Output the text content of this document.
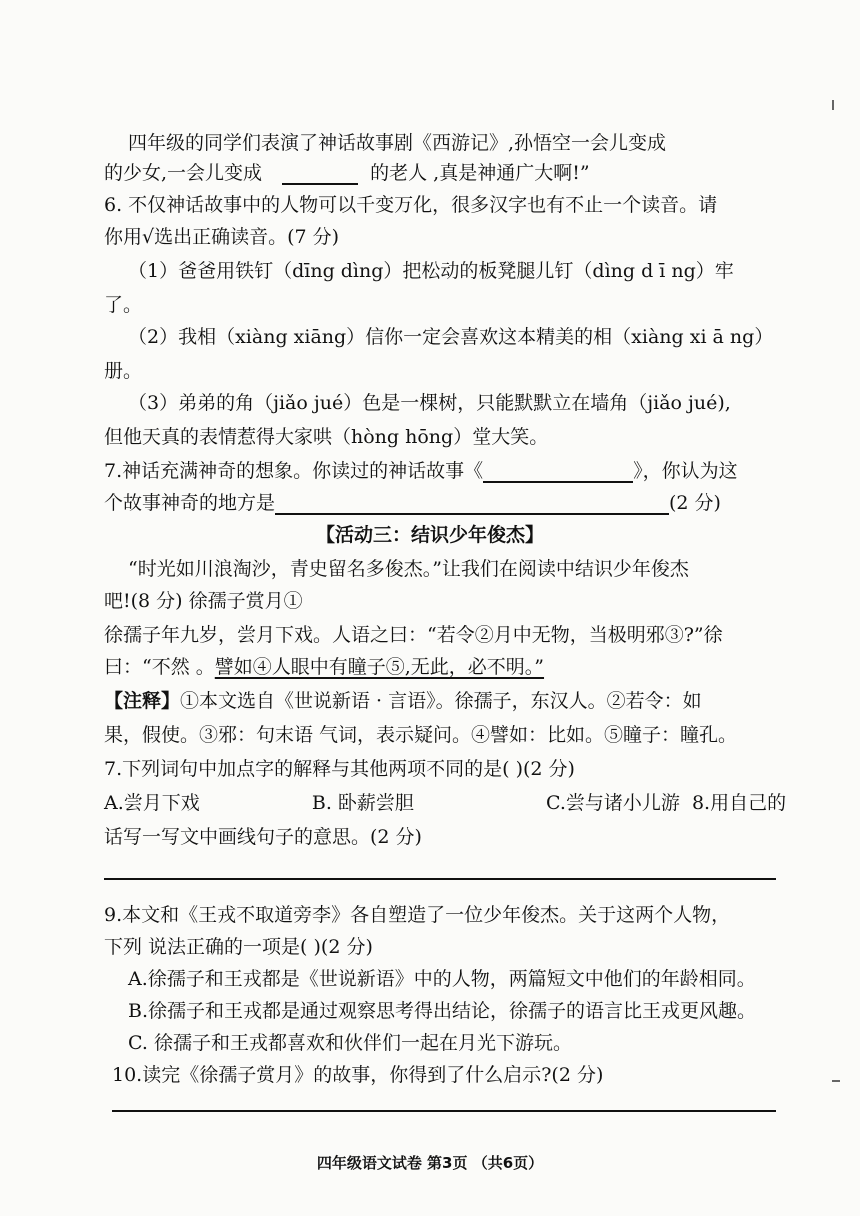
四年级的同学们表演了神话故事剧《西游记》,孙悟空一会儿变成
的少女,一会儿变成	的老人 ,真是神通广大啊!”
6. 不仅神话故事中的人物可以千变万化，很多汉字也有不止一个读音。请
你用√选出正确读音。(7 分)
（1）爸爸用铁钉（dīng dìng）把松动的板凳腿儿钉（dìng d ī ng）牢
了。
（2）我相（xiàng xiāng）信你一定会喜欢这本精美的相（xiàng xi ā ng）
册。
（3）弟弟的角（jiǎo jué）色是一棵树，只能默默立在墙角（jiǎo jué),
但他天真的表情惹得大家哄（hòng hōng）堂大笑。
7.神话充满神奇的想象。你读过的神话故事《	》，你认为这
个故事神奇的地方是	(2 分)
【活动三：结识少年俊杰】
“时光如川浪淘沙，青史留名多俊杰。”让我们在阅读中结识少年俊杰
吧!(8 分) 徐孺子赏月①
徐孺子年九岁，尝月下戏。人语之曰：“若令②月中无物，当极明邪③?”徐
曰：“不然 。譬如④人眼中有瞳子⑤,无此，必不明。”
【注释】①本文选自《世说新语 · 言语》。徐孺子，东汉人。②若令：如
果，假使。③邪：句末语 气词，表示疑问。④譬如：比如。⑤瞳子：瞳孔。
7.下列词句中加点字的解释与其他两项不同的是( )(2 分)
A.尝月下戏	B. 卧薪尝胆	C.尝与诸小儿游 8.用自己的
话写一写文中画线句子的意思。(2 分)
9.本文和《王戎不取道旁李》各自塑造了一位少年俊杰。关于这两个人物，
下列 说法正确的一项是( )(2 分)
A.徐孺子和王戎都是《世说新语》中的人物，两篇短文中他们的年龄相同。
B.徐孺子和王戎都是通过观察思考得出结论，徐孺子的语言比王戎更风趣。
C. 徐孺子和王戎都喜欢和伙伴们一起在月光下游玩。
10.读完《徐孺子赏月》的故事，你得到了什么启示?(2 分)
四年级语文试卷 第3页 （共6页）
